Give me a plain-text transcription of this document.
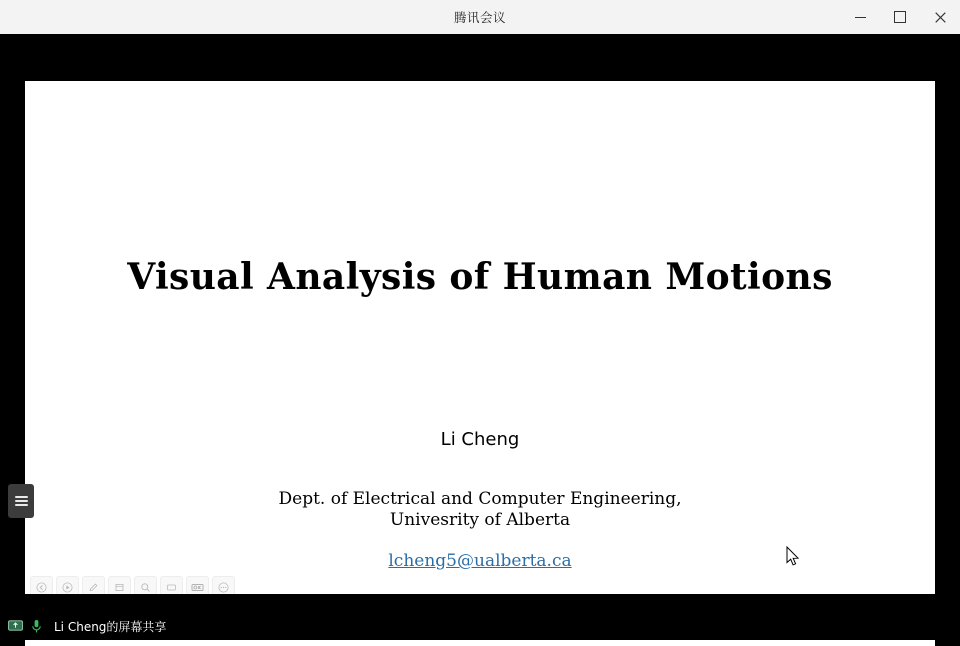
腾讯会议
Visual Analysis of Human Motions
Li Cheng
Dept. of Electrical and Computer Engineering,
Univesrity of Alberta
lcheng5@ualberta.ca
Li Cheng的屏幕共享
